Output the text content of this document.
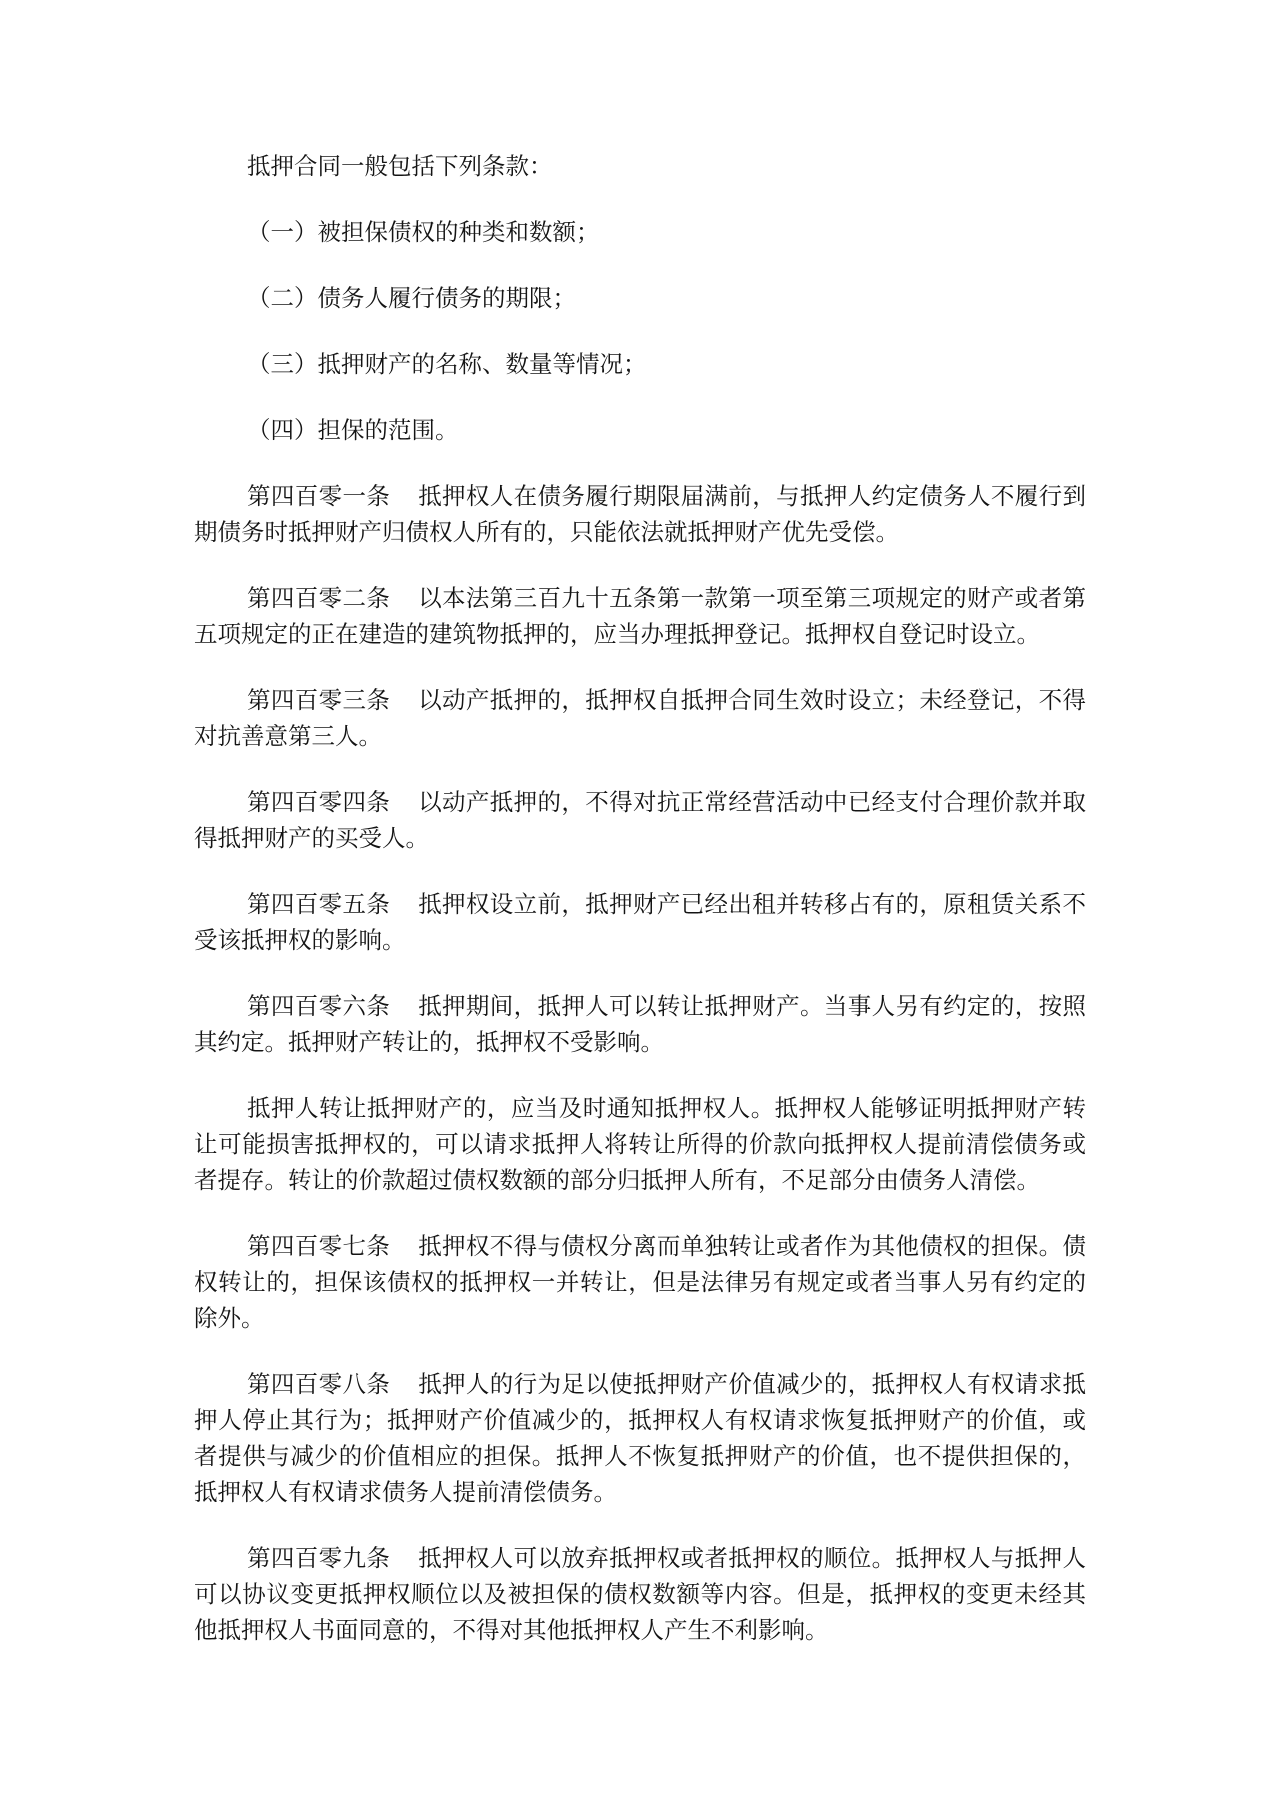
抵押合同一般包括下列条款：

（一）被担保债权的种类和数额；

（二）债务人履行债务的期限；

（三）抵押财产的名称、数量等情况；

（四）担保的范围。

第四百零一条 抵押权人在债务履行期限届满前，与抵押人约定债务人不履行到期债务时抵押财产归债权人所有的，只能依法就抵押财产优先受偿。

第四百零二条 以本法第三百九十五条第一款第一项至第三项规定的财产或者第五项规定的正在建造的建筑物抵押的，应当办理抵押登记。抵押权自登记时设立。

第四百零三条 以动产抵押的，抵押权自抵押合同生效时设立；未经登记，不得对抗善意第三人。

第四百零四条 以动产抵押的，不得对抗正常经营活动中已经支付合理价款并取得抵押财产的买受人。

第四百零五条 抵押权设立前，抵押财产已经出租并转移占有的，原租赁关系不受该抵押权的影响。

第四百零六条 抵押期间，抵押人可以转让抵押财产。当事人另有约定的，按照其约定。抵押财产转让的，抵押权不受影响。

抵押人转让抵押财产的，应当及时通知抵押权人。抵押权人能够证明抵押财产转让可能损害抵押权的，可以请求抵押人将转让所得的价款向抵押权人提前清偿债务或者提存。转让的价款超过债权数额的部分归抵押人所有，不足部分由债务人清偿。

第四百零七条 抵押权不得与债权分离而单独转让或者作为其他债权的担保。债权转让的，担保该债权的抵押权一并转让，但是法律另有规定或者当事人另有约定的除外。

第四百零八条 抵押人的行为足以使抵押财产价值减少的，抵押权人有权请求抵押人停止其行为；抵押财产价值减少的，抵押权人有权请求恢复抵押财产的价值，或者提供与减少的价值相应的担保。抵押人不恢复抵押财产的价值，也不提供担保的，抵押权人有权请求债务人提前清偿债务。

第四百零九条 抵押权人可以放弃抵押权或者抵押权的顺位。抵押权人与抵押人可以协议变更抵押权顺位以及被担保的债权数额等内容。但是，抵押权的变更未经其他抵押权人书面同意的，不得对其他抵押权人产生不利影响。
